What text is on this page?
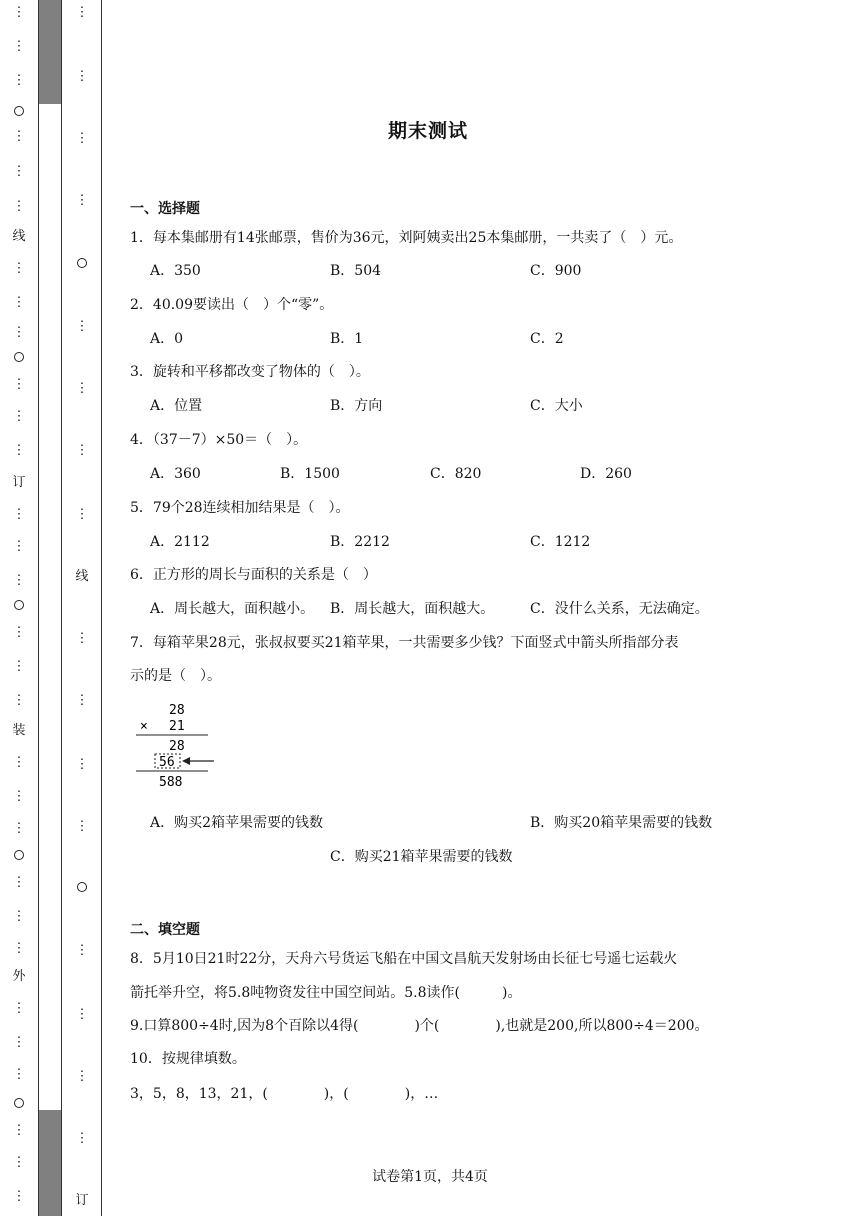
⋮
⋮
⋮
⋮
⋮
⋮
线
⋮
⋮
⋮
⋮
⋮
⋮
订
⋮
⋮
⋮
⋮
⋮
⋮
装
⋮
⋮
⋮
⋮
⋮
⋮
外
⋮
⋮
⋮
⋮
⋮
⋮
⋮
⋮
⋮
⋮
⋮
⋮
⋮
⋮
线
⋮
⋮
⋮
⋮
⋮
⋮
⋮
⋮
订
期末测试
一、选择题
1．每本集邮册有14张邮票，售价为36元，刘阿姨卖出25本集邮册，一共卖了（　）元。
A．350	B．504	C．900
2．40.09要读出（　）个“零”。
A．0	B．1	C．2
3．旋转和平移都改变了物体的（　）。
A．位置	B．方向	C．大小
4．（37－7）×50＝（　）。
A．360	B．1500	C．820	D．260
5．79个28连续相加结果是（　）。
A．2112	B．2212	C．1212
6．正方形的周长与面积的关系是（　）
A．周长越大，面积越小。 B．周长越大，面积越大。	C．没什么关系，无法确定。
7．每箱苹果28元，张叔叔要买21箱苹果，一共需要多少钱？下面竖式中箭头所指部分表
示的是（　）。
A．购买2箱苹果需要的钱数	B．购买20箱苹果需要的钱数
C．购买21箱苹果需要的钱数
二、填空题
8．5月10日21时22分，天舟六号货运飞船在中国文昌航天发射场由长征七号遥七运载火
箭托举升空，将5.8吨物资发往中国空间站。5.8读作(　　　)。
9.口算800÷4时,因为8个百除以4得(　　　　)个(　　　　),也就是200,所以800÷4＝200。
10．按规律填数。
3，5，8，13，21，(　　　　)，(　　　　)，…
28
× 21
28
56
588
试卷第1页，共4页
